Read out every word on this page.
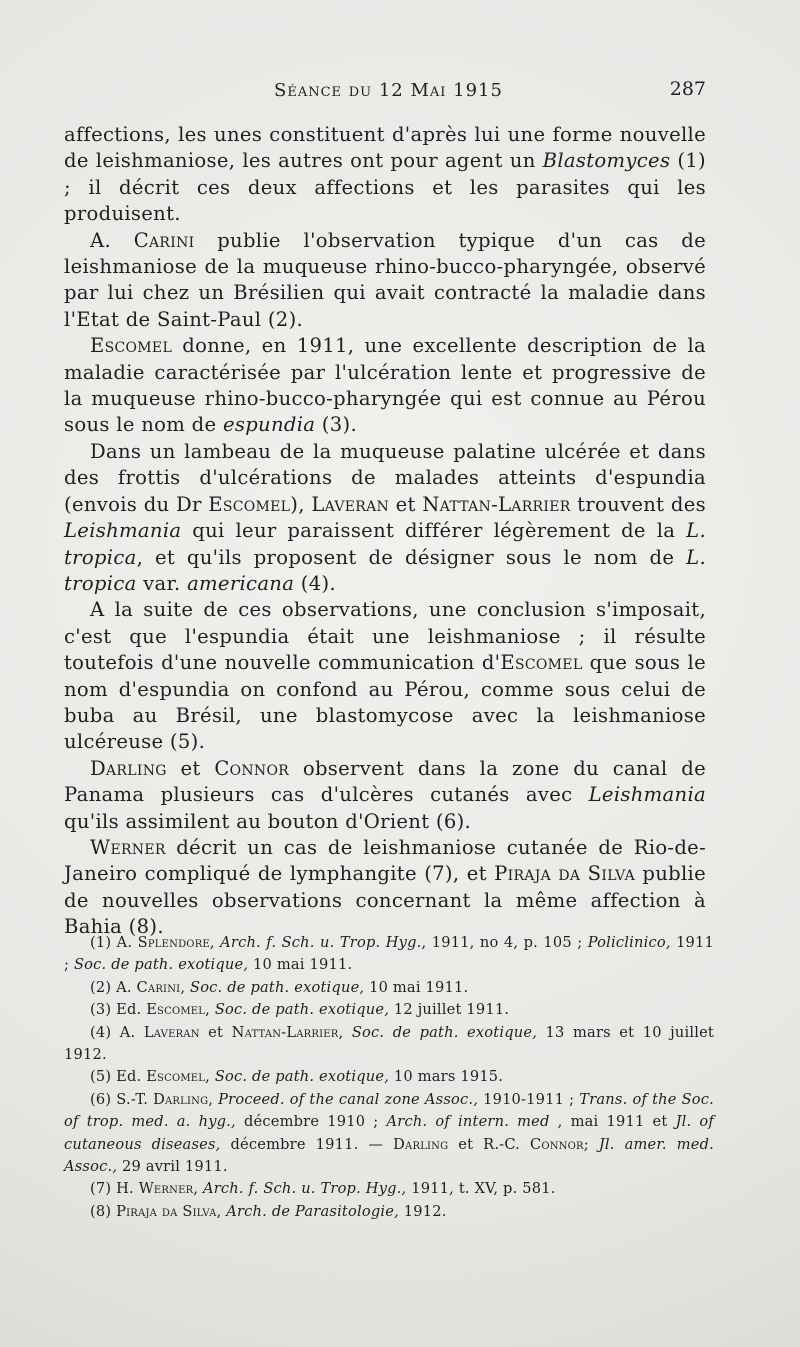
Séance du 12 Mai 1915	287

affections, les unes constituent d'après lui une forme nouvelle de leishmaniose, les autres ont pour agent un Blastomyces (1) ; il décrit ces deux affections et les parasites qui les produisent.

A. Carini publie l'observation typique d'un cas de leishmaniose de la muqueuse rhino-bucco-pharyngée, observé par lui chez un Brésilien qui avait contracté la maladie dans l'Etat de Saint-Paul (2).

Escomel donne, en 1911, une excellente description de la maladie caractérisée par l'ulcération lente et progressive de la muqueuse rhino-bucco-pharyngée qui est connue au Pérou sous le nom de espundia (3).

Dans un lambeau de la muqueuse palatine ulcérée et dans des frottis d'ulcérations de malades atteints d'espundia (envois du Dr Escomel), Laveran et Nattan-Larrier trouvent des Leishmania qui leur paraissent différer légèrement de la L. tropica, et qu'ils proposent de désigner sous le nom de L. tropica var. americana (4).

A la suite de ces observations, une conclusion s'imposait, c'est que l'espundia était une leishmaniose ; il résulte toutefois d'une nouvelle communication d'Escomel que sous le nom d'espundia on confond au Pérou, comme sous celui de buba au Brésil, une blastomycose avec la leishmaniose ulcéreuse (5).

Darling et Connor observent dans la zone du canal de Panama plusieurs cas d'ulcères cutanés avec Leishmania qu'ils assimilent au bouton d'Orient (6).

Werner décrit un cas de leishmaniose cutanée de Rio-de-Janeiro compliqué de lymphangite (7), et Piraja da Silva publie de nouvelles observations concernant la même affection à Bahia (8).

(1) A. Splendore, Arch. f. Sch. u. Trop. Hyg., 1911, no 4, p. 105 ; Policlinico, 1911 ; Soc. de path. exotique, 10 mai 1911.

(2) A. Carini, Soc. de path. exotique, 10 mai 1911.

(3) Ed. Escomel, Soc. de path. exotique, 12 juillet 1911.

(4) A. Laveran et Nattan-Larrier, Soc. de path. exotique, 13 mars et 10 juillet 1912.

(5) Ed. Escomel, Soc. de path. exotique, 10 mars 1915.

(6) S.-T. Darling, Proceed. of the canal zone Assoc., 1910-1911 ; Trans. of the Soc. of trop. med. a. hyg., décembre 1910 ; Arch. of intern. med , mai 1911 et Jl. of cutaneous diseases, décembre 1911. — Darling et R.-C. Connor; Jl. amer. med. Assoc., 29 avril 1911.

(7) H. Werner, Arch. f. Sch. u. Trop. Hyg., 1911, t. XV, p. 581.

(8) Piraja da Silva, Arch. de Parasitologie, 1912.
